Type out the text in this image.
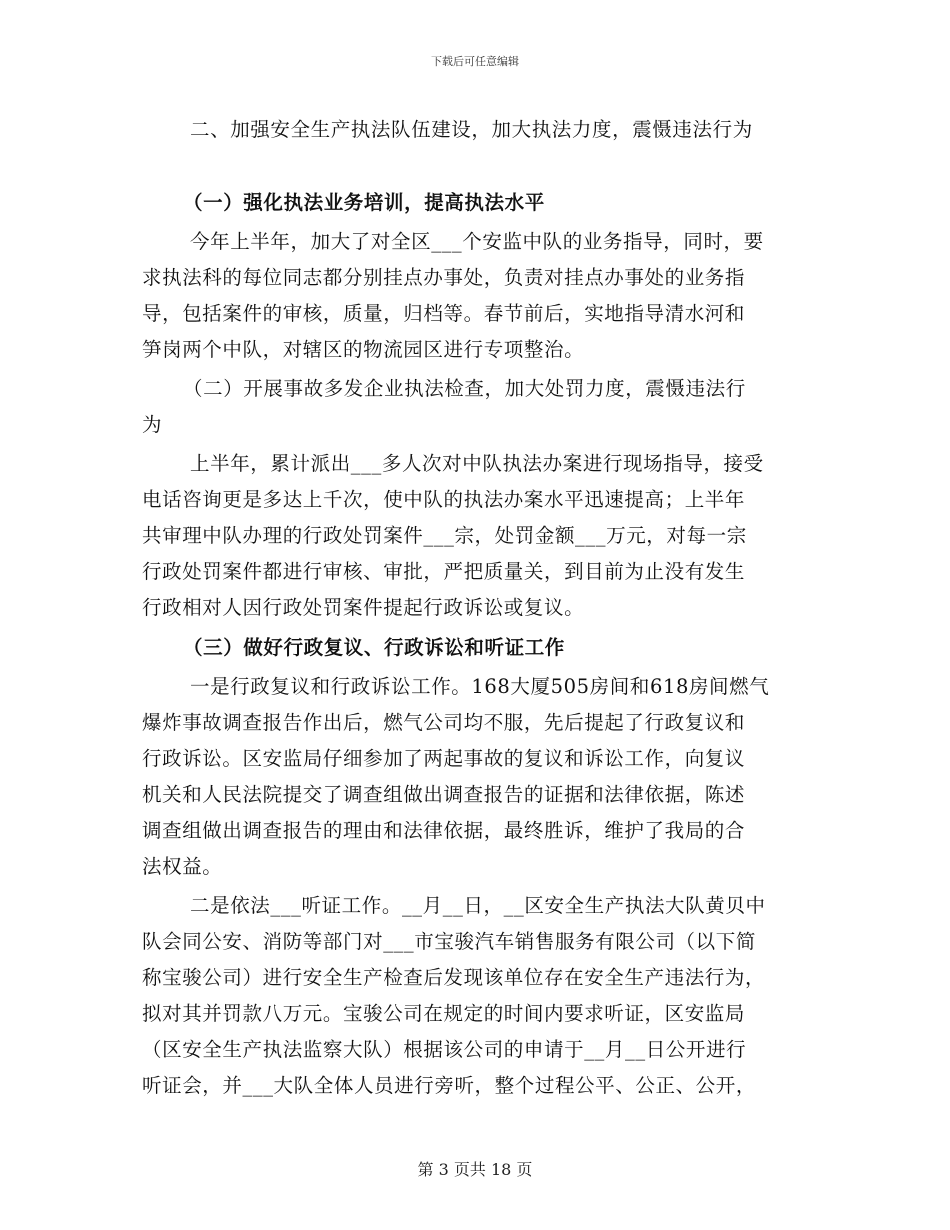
下载后可任意编辑
二、加强安全生产执法队伍建设，加大执法力度，震慑违法行为
（一）强化执法业务培训，提高执法水平
今年上半年，加大了对全区___个安监中队的业务指导，同时，要
求执法科的每位同志都分别挂点办事处，负责对挂点办事处的业务指
导，包括案件的审核，质量，归档等。春节前后，实地指导清水河和
笋岗两个中队，对辖区的物流园区进行专项整治。
（二）开展事故多发企业执法检查，加大处罚力度，震慑违法行
为
上半年，累计派出___多人次对中队执法办案进行现场指导，接受
电话咨询更是多达上千次，使中队的执法办案水平迅速提高；上半年
共审理中队办理的行政处罚案件___宗，处罚金额___万元，对每一宗
行政处罚案件都进行审核、审批，严把质量关，到目前为止没有发生
行政相对人因行政处罚案件提起行政诉讼或复议。
（三）做好行政复议、行政诉讼和听证工作
一是行政复议和行政诉讼工作。168大厦505房间和618房间燃气
爆炸事故调查报告作出后，燃气公司均不服，先后提起了行政复议和
行政诉讼。区安监局仔细参加了两起事故的复议和诉讼工作，向复议
机关和人民法院提交了调查组做出调查报告的证据和法律依据，陈述
调查组做出调查报告的理由和法律依据，最终胜诉，维护了我局的合
法权益。
二是依法___听证工作。__月__日，__区安全生产执法大队黄贝中
队会同公安、消防等部门对___市宝骏汽车销售服务有限公司（以下简
称宝骏公司）进行安全生产检查后发现该单位存在安全生产违法行为，
拟对其并罚款八万元。宝骏公司在规定的时间内要求听证，区安监局
（区安全生产执法监察大队）根据该公司的申请于__月__日公开进行
听证会，并___大队全体人员进行旁听，整个过程公平、公正、公开，
第 3 页共 18 页
